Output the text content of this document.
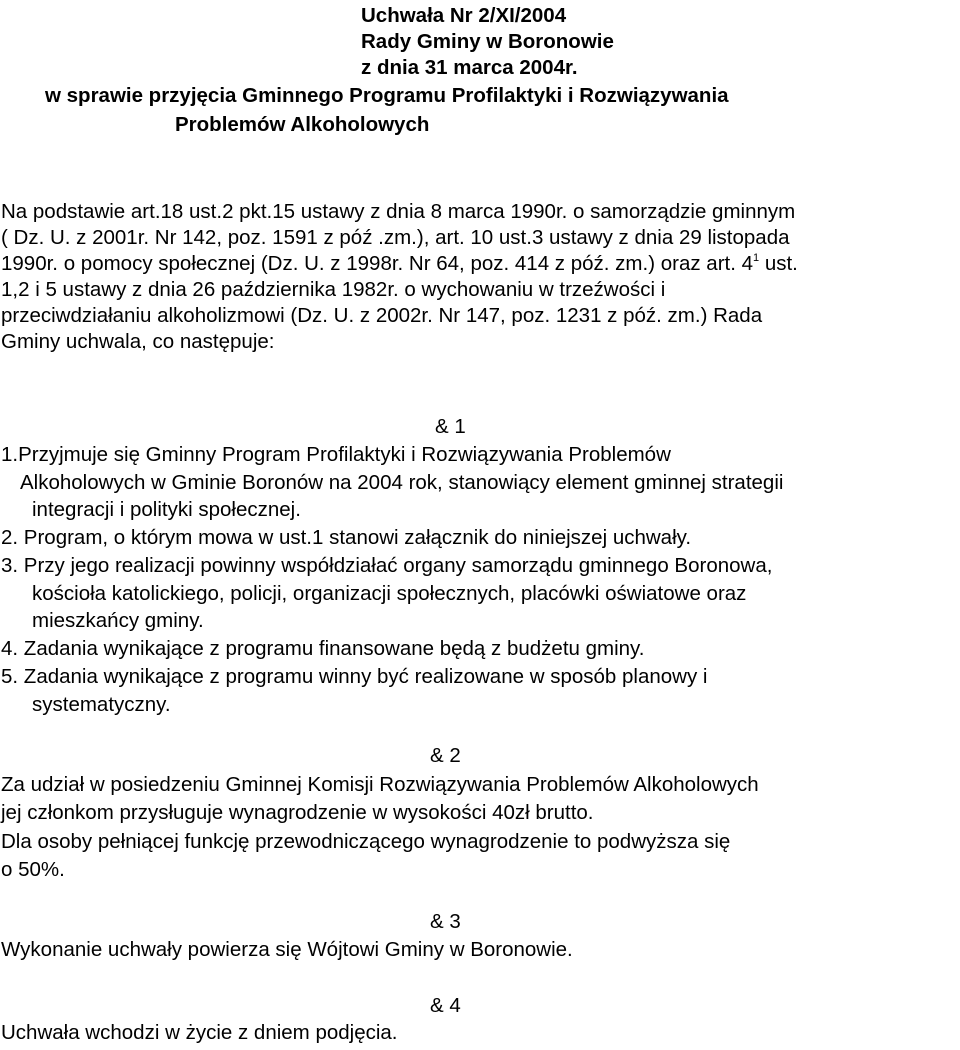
Uchwała Nr 2/XI/2004
Rady Gminy w Boronowie
z dnia 31 marca 2004r.
w sprawie przyjęcia Gminnego Programu Profilaktyki i Rozwiązywania
Problemów Alkoholowych
Na podstawie art.18 ust.2 pkt.15 ustawy z dnia 8 marca 1990r. o samorządzie gminnym
( Dz. U. z 2001r. Nr 142, poz. 1591 z póź .zm.), art. 10 ust.3 ustawy z dnia 29 listopada
1990r. o pomocy społecznej (Dz. U. z 1998r. Nr 64, poz. 414 z póź. zm.) oraz art. $4^1$ ust.
1,2 i 5 ustawy z dnia 26 października 1982r. o wychowaniu w trzeźwości i
przeciwdziałaniu alkoholizmowi (Dz. U. z 2002r. Nr 147, poz. 1231 z póź. zm.) Rada
Gminy uchwala, co następuje:
& 1
1.Przyjmuje się Gminny Program Profilaktyki i Rozwiązywania Problemów
Alkoholowych w Gminie Boronów na 2004 rok, stanowiący element gminnej strategii
integracji i polityki społecznej.
2. Program, o którym mowa w ust.1 stanowi załącznik do niniejszej uchwały.
3. Przy jego realizacji powinny współdziałać organy samorządu gminnego Boronowa,
kościoła katolickiego, policji, organizacji społecznych, placówki oświatowe oraz
mieszkańcy gminy.
4. Zadania wynikające z programu finansowane będą z budżetu gminy.
5. Zadania wynikające z programu winny być realizowane w sposób planowy i
systematyczny.
& 2
Za udział w posiedzeniu Gminnej Komisji Rozwiązywania Problemów Alkoholowych
jej członkom przysługuje wynagrodzenie w wysokości 40zł brutto.
Dla osoby pełniącej funkcję przewodniczącego wynagrodzenie to podwyższa się
o 50%.
& 3
Wykonanie uchwały powierza się Wójtowi Gminy w Boronowie.
& 4
Uchwała wchodzi w życie z dniem podjęcia.
